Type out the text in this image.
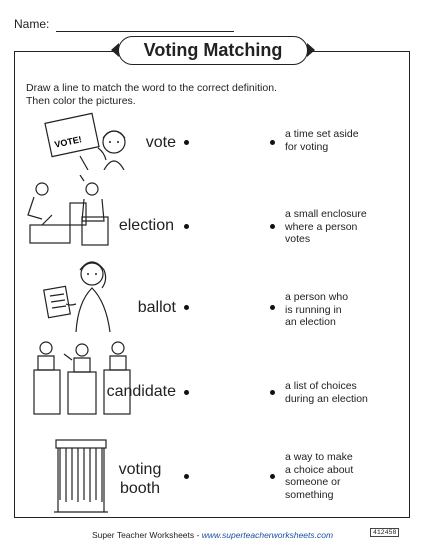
Name:
Voting Matching
Draw a line to match the word to the correct definition.
Then color the pictures.
VOTE!	vote	a time set aside
for voting
election
a small enclosure
where a person
votes
ballot
a person who
is running in
an election
candidate	a list of choices
during an election
voting
booth
a way to make
a choice about
someone or
something
Super Teacher Worksheets - www.superteacherworksheets.com	412458
